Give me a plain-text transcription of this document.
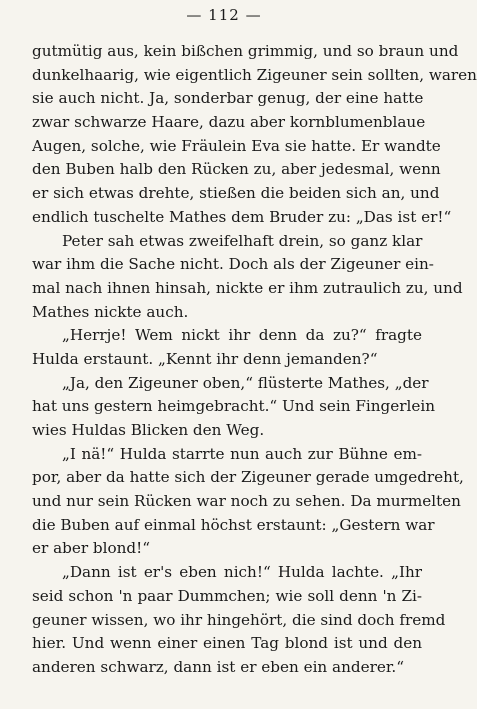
— 112 —
gutmütig aus, kein bißchen grimmig, und so braun und
dunkelhaarig, wie eigentlich Zigeuner sein sollten, waren
sie auch nicht. Ja, sonderbar genug, der eine hatte
zwar schwarze Haare, dazu aber kornblumenblaue
Augen, solche, wie Fräulein Eva sie hatte. Er wandte
den Buben halb den Rücken zu, aber jedesmal, wenn
er sich etwas drehte, stießen die beiden sich an, und
endlich tuschelte Mathes dem Bruder zu: „Das ist er!“
Peter sah etwas zweifelhaft drein, so ganz klar
war ihm die Sache nicht. Doch als der Zigeuner ein-
mal nach ihnen hinsah, nickte er ihm zutraulich zu, und
Mathes nickte auch.
„Herrje! Wem nickt ihr denn da zu?“ fragte
Hulda erstaunt. „Kennt ihr denn jemanden?“
„Ja, den Zigeuner oben,“ flüsterte Mathes, „der
hat uns gestern heimgebracht.“ Und sein Fingerlein
wies Huldas Blicken den Weg.
„I nä!“ Hulda starrte nun auch zur Bühne em-
por, aber da hatte sich der Zigeuner gerade umgedreht,
und nur sein Rücken war noch zu sehen. Da murmelten
die Buben auf einmal höchst erstaunt: „Gestern war
er aber blond!“
„Dann ist er's eben nich!“ Hulda lachte. „Ihr
seid schon 'n paar Dummchen; wie soll denn 'n Zi-
geuner wissen, wo ihr hingehört, die sind doch fremd
hier. Und wenn einer einen Tag blond ist und den
anderen schwarz, dann ist er eben ein anderer.“
